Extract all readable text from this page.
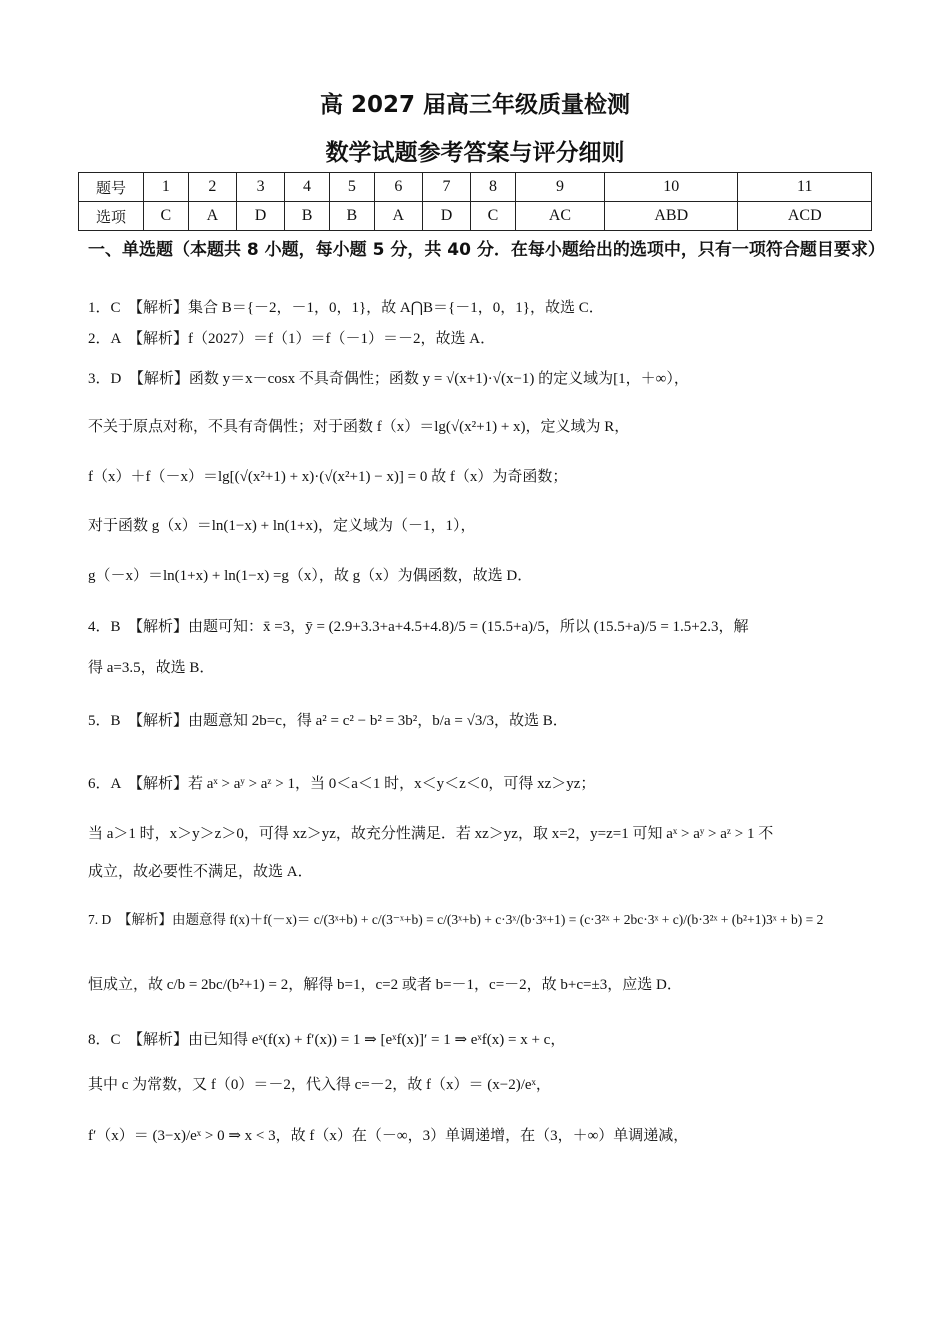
高 2027 届高三年级质量检测
数学试题参考答案与评分细则
题号	1	2	3	4	5	6	7	8	9	10	11
选项	C	A	D	B	B	A	D	C	AC	ABD	ACD
一、单选题（本题共 8 小题，每小题 5 分，共 40 分．在每小题给出的选项中，只有一项符合题目要求）
1．C　【解析】集合 B＝{－2，－1，0，1}，故 A⋂B＝{－1，0，1}，故选 C．
2．A　【解析】f（2027）＝f（1）＝f（－1）＝－2，故选 A．
3．D　【解析】函数 y＝x－cosx 不具奇偶性；函数 y = √(x+1)·√(x−1) 的定义域为[1，＋∞），
不关于原点对称，不具有奇偶性；对于函数 f（x）＝lg(√(x²+1) + x)，定义域为 R，
f（x）＋f（－x）＝lg[(√(x²+1) + x)·(√(x²+1) − x)] = 0 故 f（x）为奇函数；
对于函数 g（x）＝ln(1−x) + ln(1+x)，定义域为（－1，1），
g（－x）＝ln(1+x) + ln(1−x) =g（x），故 g（x）为偶函数，故选 D．
4．B　【解析】由题可知：x̄ =3，ȳ = (2.9+3.3+a+4.5+4.8)/5 = (15.5+a)/5，所以 (15.5+a)/5 = 1.5+2.3，解
得 a=3.5，故选 B．
5．B　【解析】由题意知 2b=c，得 a² = c² − b² = 3b²，b/a = √3/3，故选 B．
6．A　【解析】若 aˣ > aʸ > aᶻ > 1，当 0＜a＜1 时，x＜y＜z＜0，可得 xz＞yz；
当 a＞1 时，x＞y＞z＞0，可得 xz＞yz，故充分性满足．若 xz＞yz，取 x=2，y=z=1 可知 aˣ > aʸ > aᶻ > 1 不
成立，故必要性不满足，故选 A．
7. D　【解析】由题意得 f(x)＋f(－x)＝ c/(3ˣ+b) + c/(3⁻ˣ+b) = c/(3ˣ+b) + c·3ˣ/(b·3ˣ+1) = (c·3²ˣ + 2bc·3ˣ + c)/(b·3²ˣ + (b²+1)3ˣ + b) = 2
恒成立，故 c/b = 2bc/(b²+1) = 2，解得 b=1，c=2 或者 b=－1，c=－2，故 b+c=±3，应选 D．
8．C　【解析】由已知得 eˣ(f(x) + f′(x)) = 1 ⇒ [eˣf(x)]′ = 1 ⇒ eˣf(x) = x + c，
其中 c 为常数，又 f（0）＝－2，代入得 c=－2，故 f（x）＝ (x−2)/eˣ，
f′（x）＝ (3−x)/eˣ > 0 ⇒ x < 3，故 f（x）在（－∞，3）单调递增，在（3，＋∞）单调递减，
